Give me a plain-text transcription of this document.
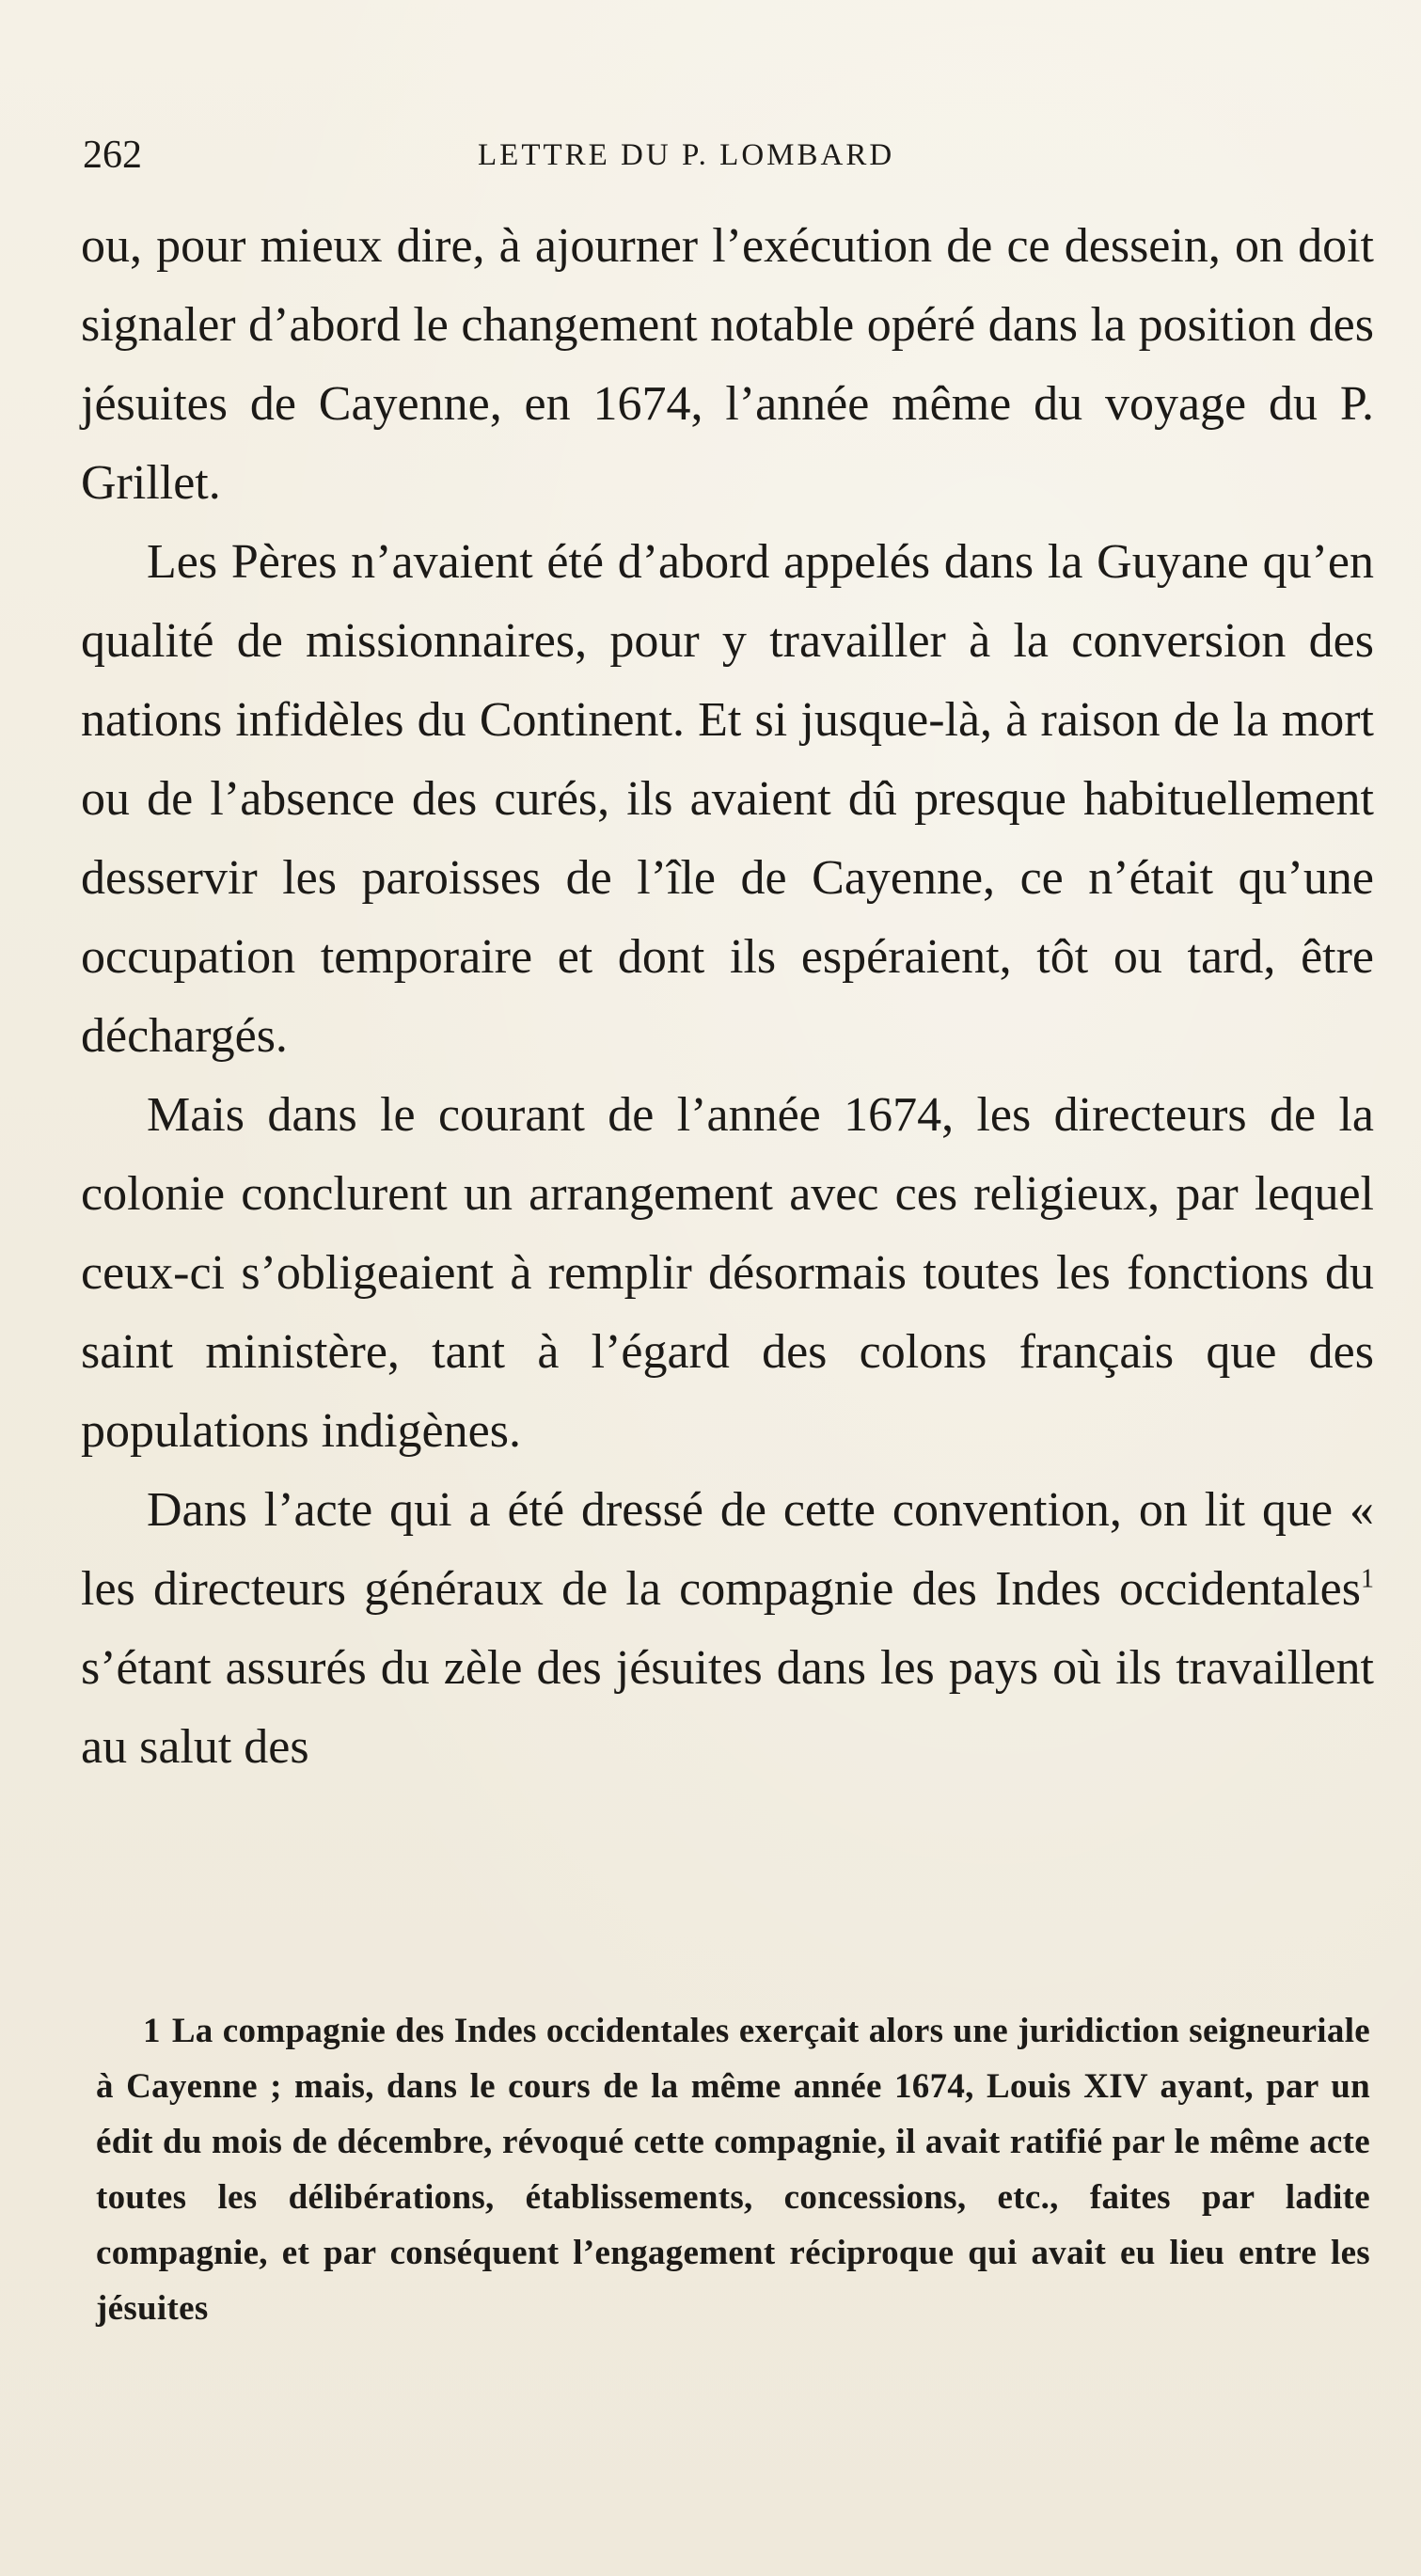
262	LETTRE DU P. LOMBARD

ou, pour mieux dire, à ajourner l’exécution de ce dessein, on doit signaler d’abord le changement notable opéré dans la position des jésuites de Cayenne, en 1674, l’année même du voyage du P. Grillet.

Les Pères n’avaient été d’abord appelés dans la Guyane qu’en qualité de missionnaires, pour y travailler à la conversion des nations infidèles du Continent. Et si jusque-là, à raison de la mort ou de l’absence des curés, ils avaient dû presque habituellement desservir les paroisses de l’île de Cayenne, ce n’était qu’une occupation temporaire et dont ils espéraient, tôt ou tard, être déchargés.

Mais dans le courant de l’année 1674, les directeurs de la colonie conclurent un arrangement avec ces religieux, par lequel ceux-ci s’obligeaient à remplir désormais toutes les fonctions du saint ministère, tant à l’égard des colons français que des populations indigènes.

Dans l’acte qui a été dressé de cette convention, on lit que « les directeurs généraux de la compagnie des Indes occidentales$^1$ s’étant assurés du zèle des jésuites dans les pays où ils travaillent au salut des

1 La compagnie des Indes occidentales exerçait alors une juridiction seigneuriale à Cayenne ; mais, dans le cours de la même année 1674, Louis XIV ayant, par un édit du mois de décembre, révoqué cette compagnie, il avait ratifié par le même acte toutes les délibérations, établissements, concessions, etc., faites par ladite compagnie, et par conséquent l’engagement réciproque qui avait eu lieu entre les jésuites
